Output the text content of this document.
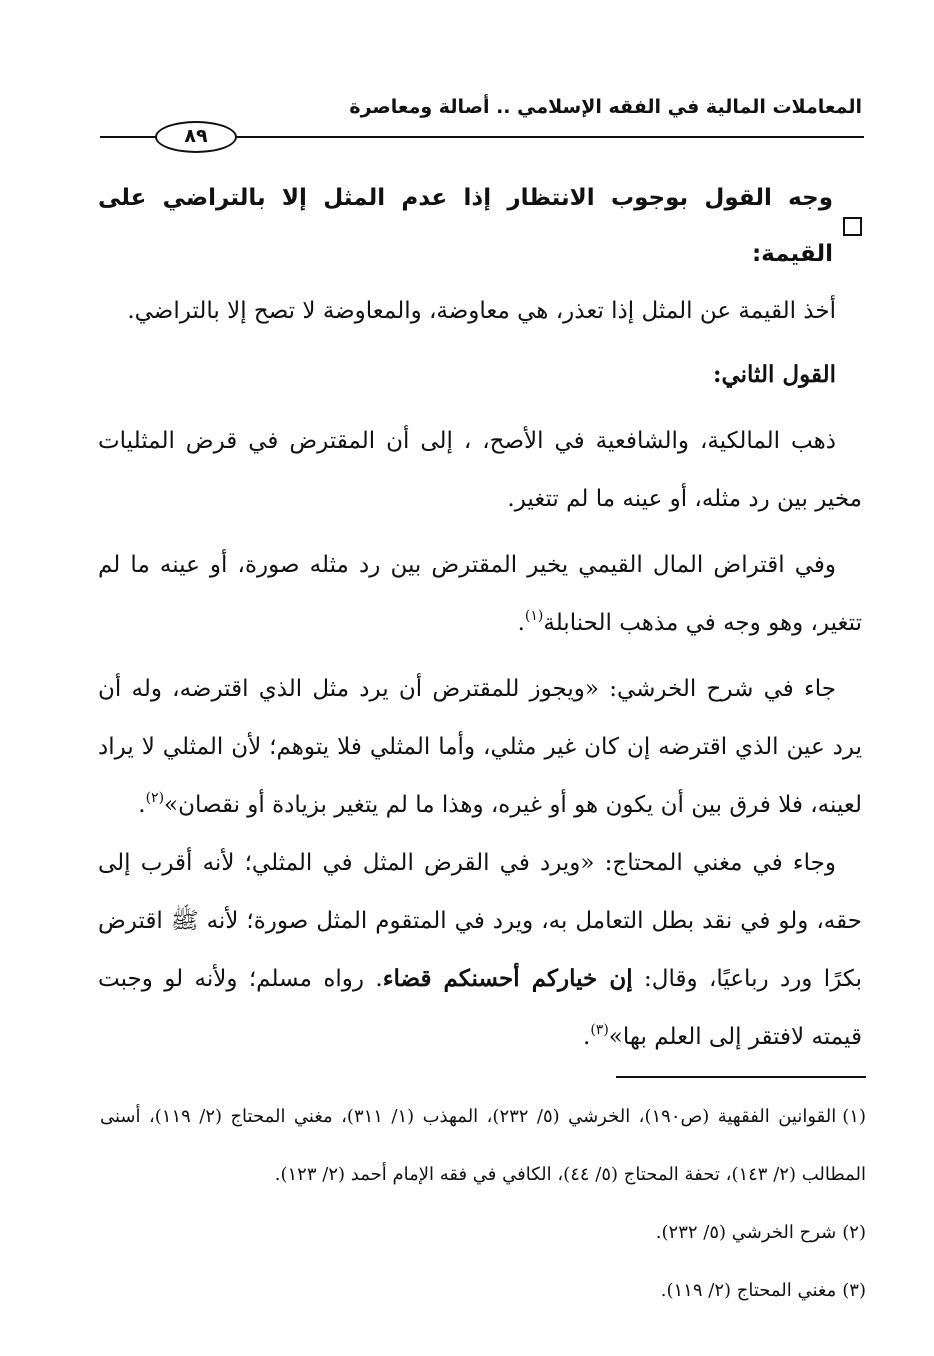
المعاملات المالية في الفقه الإسلامي .. أصالة ومعاصرة
٨٩
وجه القول بوجوب الانتظار إذا عدم المثل إلا بالتراضي على القيمة:

أخذ القيمة عن المثل إذا تعذر، هي معاوضة، والمعاوضة لا تصح إلا بالتراضي.

القول الثاني:

ذهب المالكية، والشافعية في الأصح، ، إلى أن المقترض في قرض المثليات مخير بين رد مثله، أو عينه ما لم تتغير.

وفي اقتراض المال القيمي يخير المقترض بين رد مثله صورة، أو عينه ما لم تتغير، وهو وجه في مذهب الحنابلة$^{(١)}$.

جاء في شرح الخرشي: «ويجوز للمقترض أن يرد مثل الذي اقترضه، وله أن يرد عين الذي اقترضه إن كان غير مثلي، وأما المثلي فلا يتوهم؛ لأن المثلي لا يراد لعينه، فلا فرق بين أن يكون هو أو غيره، وهذا ما لم يتغير بزيادة أو نقصان»$^{(٢)}$.

وجاء في مغني المحتاج: «ويرد في القرض المثل في المثلي؛ لأنه أقرب إلى حقه، ولو في نقد بطل التعامل به، ويرد في المتقوم المثل صورة؛ لأنه ﷺ اقترض بكرًا ورد رباعيًا، وقال: إن خياركم أحسنكم قضاء. رواه مسلم؛ ولأنه لو وجبت قيمته لافتقر إلى العلم بها»$^{(٣)}$.

(١)القوانين الفقهية (ص١٩٠)، الخرشي (٥/ ٢٣٢)، المهذب (١/ ٣١١)، مغني المحتاج (٢/ ١١٩)، أسنى المطالب (٢/ ١٤٣)، تحفة المحتاج (٥/ ٤٤)، الكافي في فقه الإمام أحمد (٢/ ١٢٣).

(٢)شرح الخرشي (٥/ ٢٣٢).

(٣)مغني المحتاج (٢/ ١١٩).
